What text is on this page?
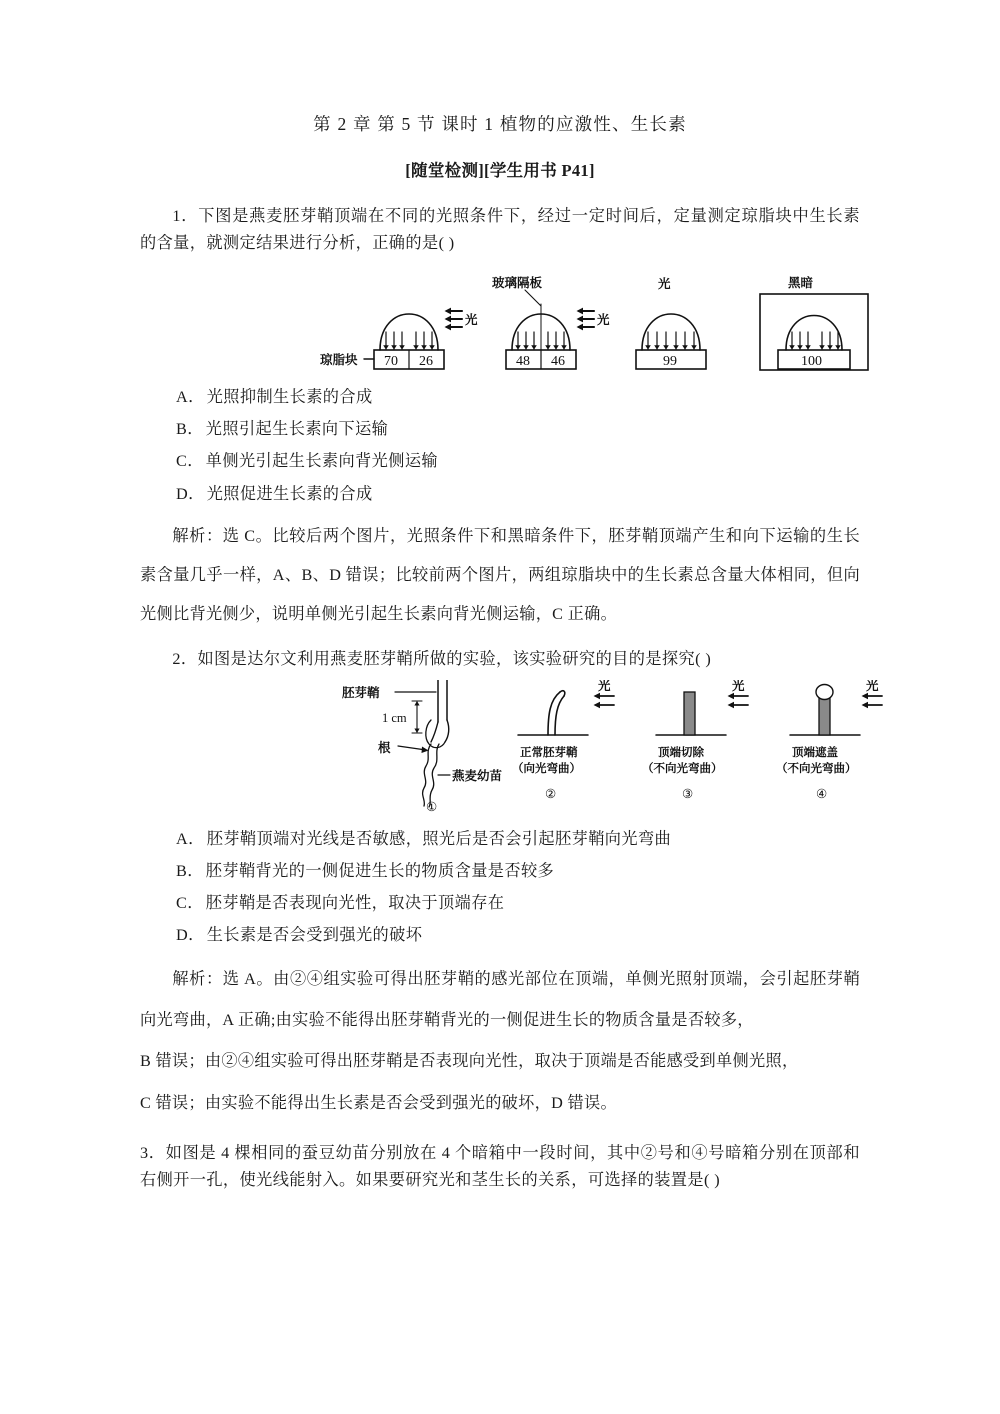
第 2 章 第 5 节 课时 1 植物的应激性、生长素
[随堂检测][学生用书 P41]
1．下图是燕麦胚芽鞘顶端在不同的光照条件下，经过一定时间后，定量测定琼脂块中生长素的含量，就测定结果进行分析，正确的是( )
琼脂块
玻璃隔板
光	光
光	黑暗
70 26	48 46	99	100
A． 光照抑制生长素的合成
B． 光照引起生长素向下运输
C． 单侧光引起生长素向背光侧运输
D． 光照促进生长素的合成
解析：选 C。比较后两个图片，光照条件下和黑暗条件下，胚芽鞘顶端产生和向下运输的生长素含量几乎一样，A、B、D 错误；比较前两个图片，两组琼脂块中的生长素总含量大体相同，但向光侧比背光侧少，说明单侧光引起生长素向背光侧运输，C 正确。
2．如图是达尔文利用燕麦胚芽鞘所做的实验，该实验研究的目的是探究( )
胚芽鞘
1 cm
根
燕麦幼苗
光	光	光
正常胚芽鞘
（向光弯曲）
②
顶端切除
（不向光弯曲）
③
顶端遮盖
（不向光弯曲）
④
①
A． 胚芽鞘顶端对光线是否敏感，照光后是否会引起胚芽鞘向光弯曲
B． 胚芽鞘背光的一侧促进生长的物质含量是否较多
C． 胚芽鞘是否表现向光性，取决于顶端存在
D． 生长素是否会受到强光的破坏
解析：选 A。由②④组实验可得出胚芽鞘的感光部位在顶端，单侧光照射顶端，会引起胚芽鞘向光弯曲，A 正确;由实验不能得出胚芽鞘背光的一侧促进生长的物质含量是否较多，
B 错误；由②④组实验可得出胚芽鞘是否表现向光性，取决于顶端是否能感受到单侧光照，
C 错误；由实验不能得出生长素是否会受到强光的破坏，D 错误。
3．如图是 4 棵相同的蚕豆幼苗分别放在 4 个暗箱中一段时间，其中②号和④号暗箱分别在顶部和右侧开一孔，使光线能射入。如果要研究光和茎生长的关系，可选择的装置是( )
